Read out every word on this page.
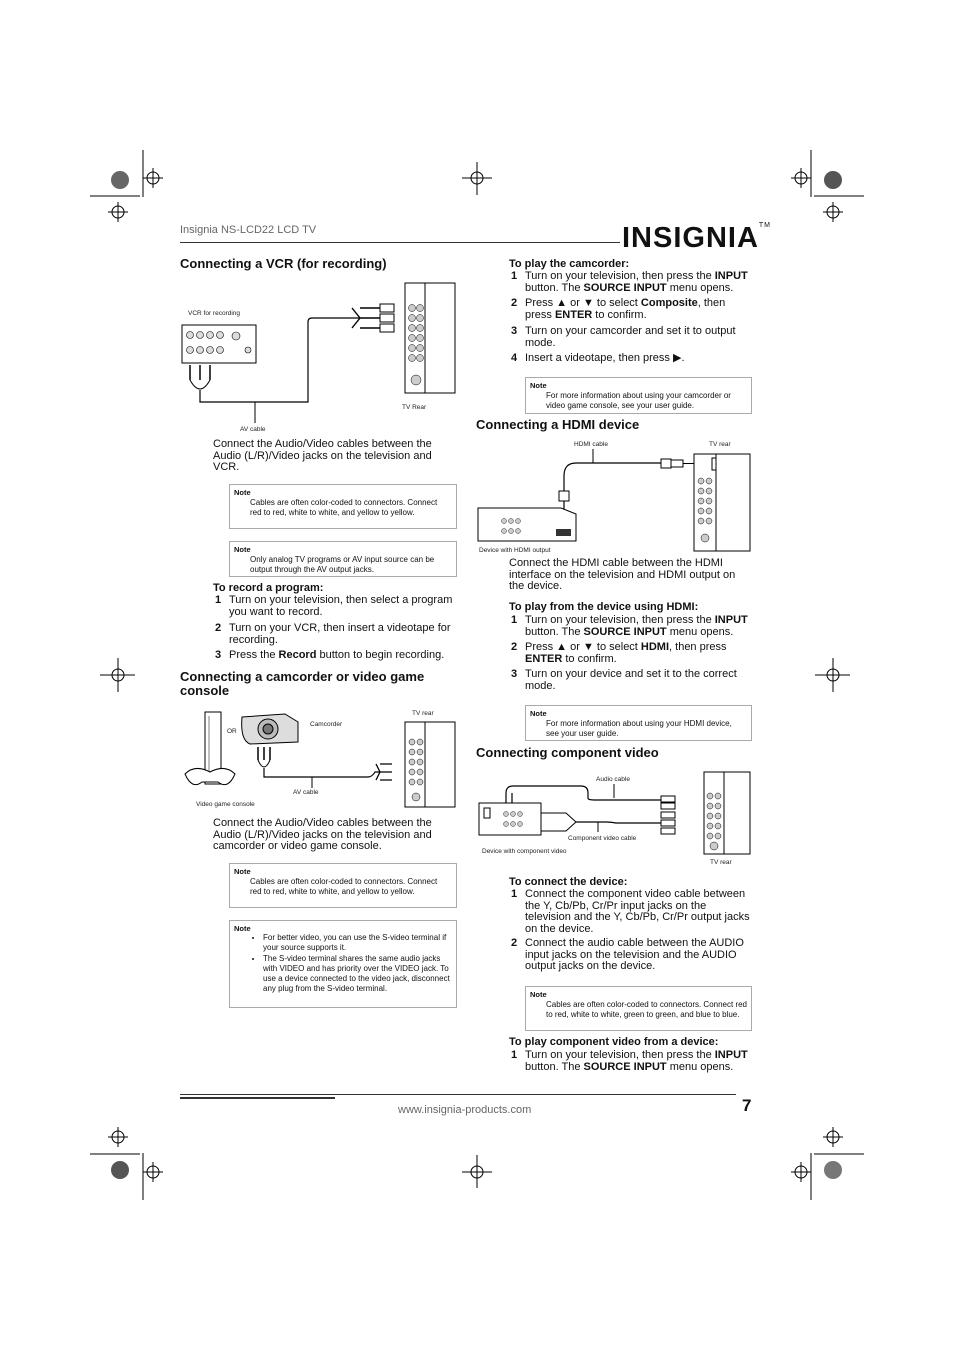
Insignia NS-LCD22 LCD TV	INSIGNIA™
Connecting a VCR (for recording)
VCR for recording
TV Rear
AV cable
Connect the Audio/Video cables between the Audio (L/R)/Video jacks on the television and VCR.
Note
Cables are often color-coded to connectors. Connect red to red, white to white, and yellow to yellow.
Note
Only analog TV programs or AV input source can be output through the AV output jacks.
To record a program:
1 Turn on your television, then select a program you want to record.
2 Turn on your VCR, then insert a videotape for recording.
3 Press the Record button to begin recording.
Connecting a camcorder or video game console
OR
Camcorder
TV rear
AV cable
Video game console
Connect the Audio/Video cables between the Audio (L/R)/Video jacks on the television and camcorder or video game console.
Note
Cables are often color-coded to connectors. Connect red to red, white to white, and yellow to yellow.
Note
• For better video, you can use the S-video terminal if your source supports it.
• The S-video terminal shares the same audio jacks with VIDEO and has priority over the VIDEO jack. To use a device connected to the video jack, disconnect any plug from the S-video terminal.
To play the camcorder:
1 Turn on your television, then press the INPUT button. The SOURCE INPUT menu opens.
2 Press ▲ or ▼ to select Composite, then press ENTER to confirm.
3 Turn on your camcorder and set it to output mode.
4 Insert a videotape, then press ▶.
Note
For more information about using your camcorder or video game console, see your user guide.
Connecting a HDMI device
HDMI cable	TV rear
Device with HDMI output
Connect the HDMI cable between the HDMI interface on the television and HDMI output on the device.
To play from the device using HDMI:
1 Turn on your television, then press the INPUT button. The SOURCE INPUT menu opens.
2 Press ▲ or ▼ to select HDMI, then press ENTER to confirm.
3 Turn on your device and set it to the correct mode.
Note
For more information about using your HDMI device, see your user guide.
Connecting component video
Audio cable
Component video cable
Device with component video
TV rear
To connect the device:
1 Connect the component video cable between the Y, Cb/Pb, Cr/Pr input jacks on the television and the Y, Cb/Pb, Cr/Pr output jacks on the device.
2 Connect the audio cable between the AUDIO input jacks on the television and the AUDIO output jacks on the device.
Note
Cables are often color-coded to connectors. Connect red to red, white to white, green to green, and blue to blue.
To play component video from a device:
1 Turn on your television, then press the INPUT button. The SOURCE INPUT menu opens.
www.insignia-products.com	7
